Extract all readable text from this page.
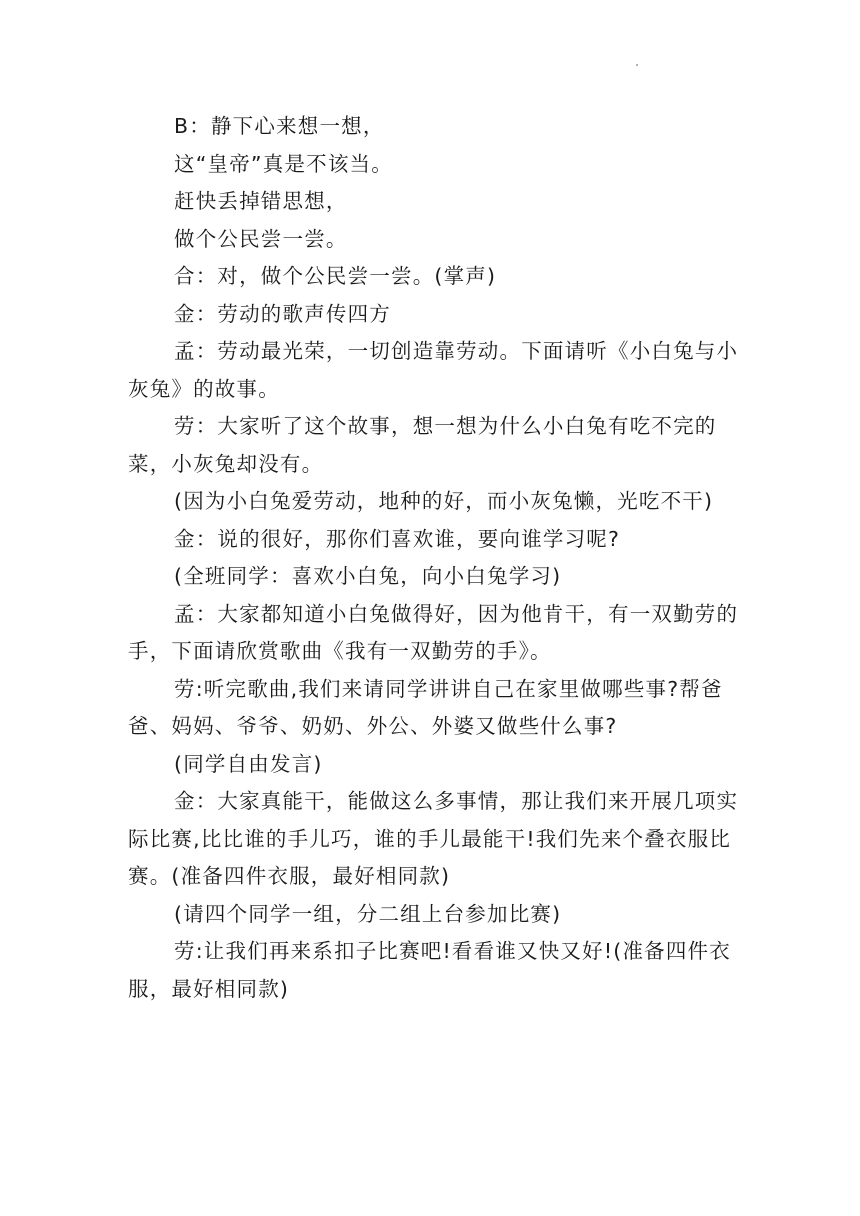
B：静下心来想一想，

这“皇帝”真是不该当。

赶快丢掉错思想，

做个公民尝一尝。

合：对，做个公民尝一尝。(掌声)

金：劳动的歌声传四方

孟：劳动最光荣，一切创造靠劳动。下面请听《小白兔与小灰兔》的故事。

劳：大家听了这个故事，想一想为什么小白兔有吃不完的菜，小灰兔却没有。

(因为小白兔爱劳动，地种的好，而小灰兔懒，光吃不干)

金：说的很好，那你们喜欢谁，要向谁学习呢?

(全班同学：喜欢小白兔，向小白兔学习)

孟：大家都知道小白兔做得好，因为他肯干，有一双勤劳的手，下面请欣赏歌曲《我有一双勤劳的手》。

劳:听完歌曲,我们来请同学讲讲自己在家里做哪些事?帮爸爸、妈妈、爷爷、奶奶、外公、外婆又做些什么事?

(同学自由发言)

金：大家真能干，能做这么多事情，那让我们来开展几项实际比赛,比比谁的手儿巧，谁的手儿最能干!我们先来个叠衣服比赛。(准备四件衣服，最好相同款)

(请四个同学一组，分二组上台参加比赛)

劳:让我们再来系扣子比赛吧!看看谁又快又好!(准备四件衣服，最好相同款)
